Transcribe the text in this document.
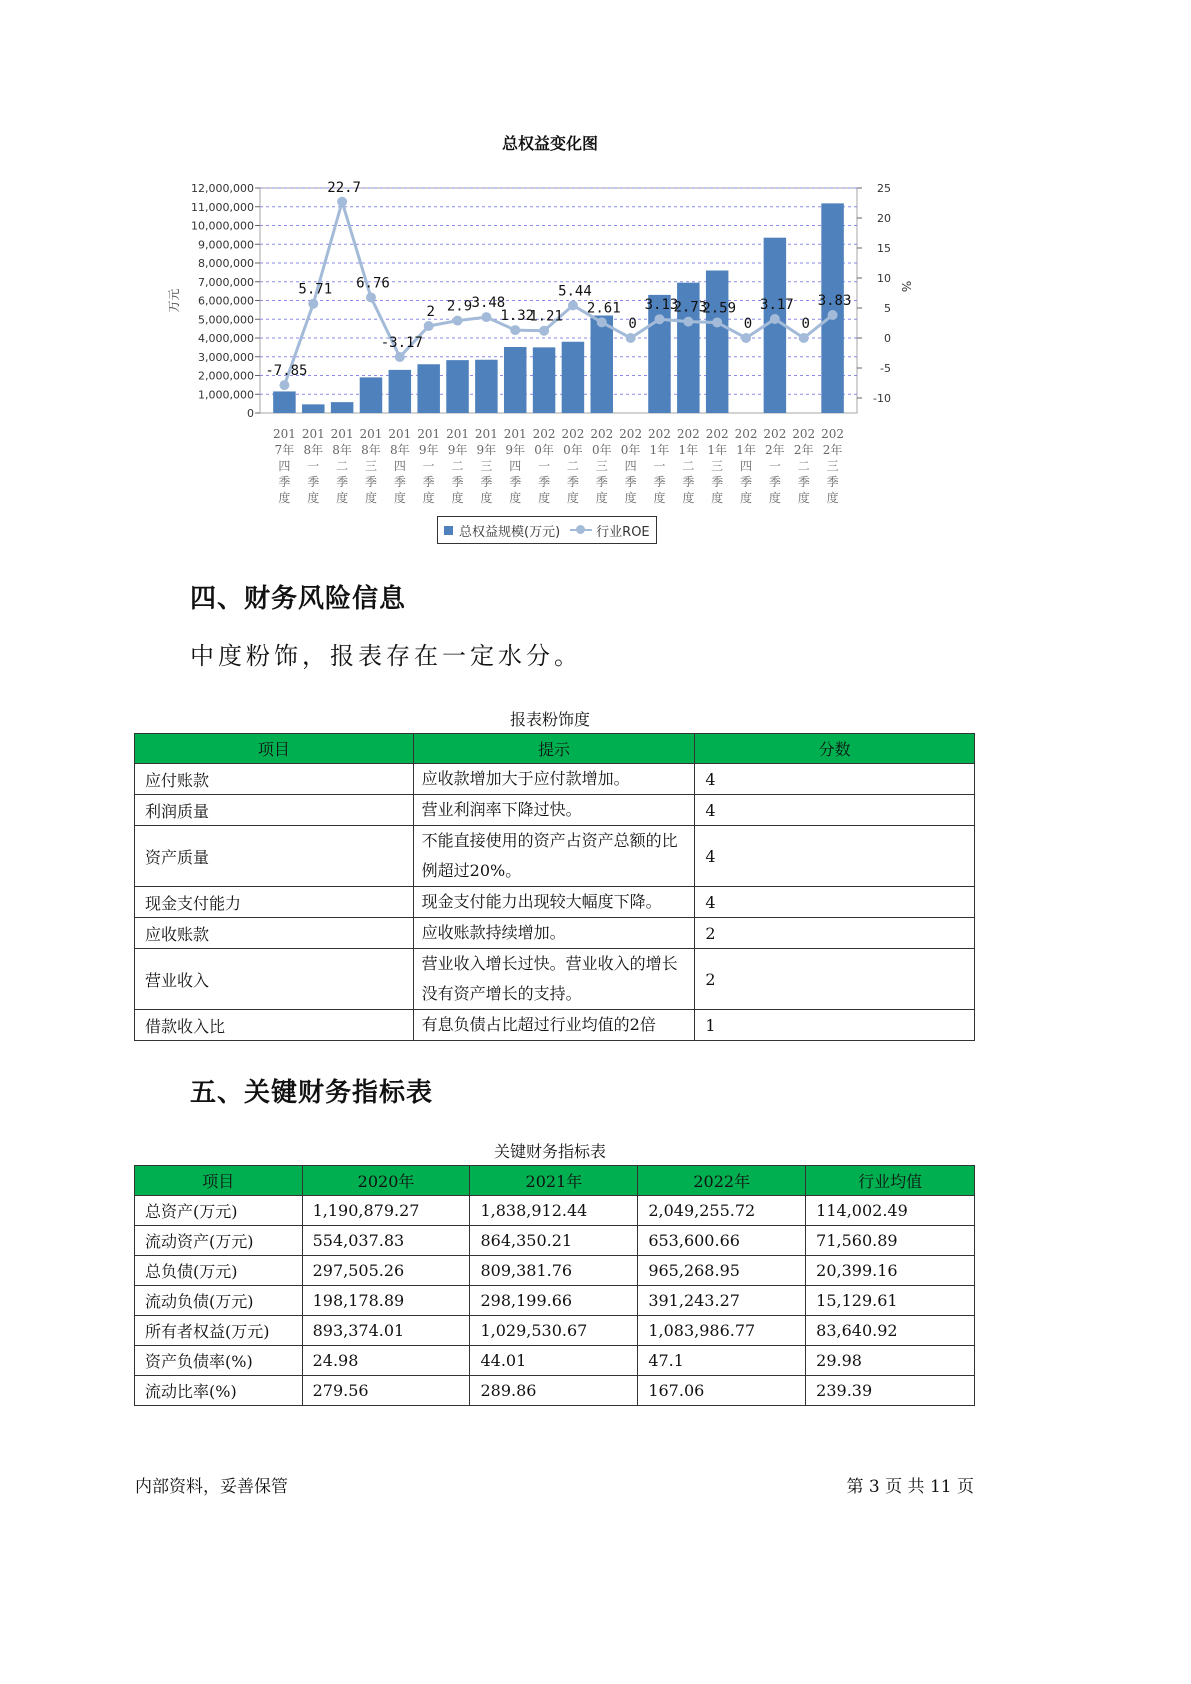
总权益变化图
0
1,000,000
2,000,000
3,000,000
4,000,000
5,000,000
6,000,000
7,000,000
8,000,000
9,000,000
10,000,000
11,000,000
12,000,000
-10
-5
0
5
10
15
20
25
万元
%
-7.85
5.71
22.7
6.76
-3.17
2 2.9 3.48
1.32
1.21
5.44
2.61
0
3.13
2.73
2.59
0
3.17
0
3.83
201
7年
四
季
度
201
8年
一
季
度
201
8年
二
季
度
201
8年
三
季
度
201
8年
四
季
度
201
9年
一
季
度
201
9年
二
季
度
201
9年
三
季
度
201
9年
四
季
度
202
0年
一
季
度
202
0年
二
季
度
202
0年
三
季
度
202
0年
四
季
度
202
1年
一
季
度
202
1年
二
季
度
202
1年
三
季
度
202
1年
四
季
度
202
2年
一
季
度
202
2年
二
季
度
202
2年
三
季
度
总权益规模(万元)	行业ROE
四、财务风险信息

中度粉饰，报表存在一定水分。

报表粉饰度
项目	提示	分数
应付账款	应收款增加大于应付款增加。	4
利润质量	营业利润率下降过快。	4
资产质量	不能直接使用的资产占资产总额的比例超过20%。	4
现金支付能力	现金支付能力出现较大幅度下降。	4
应收账款	应收账款持续增加。	2
营业收入	营业收入增长过快。营业收入的增长没有资产增长的支持。	2
借款收入比	有息负债占比超过行业均值的2倍	1
五、关键财务指标表
关键财务指标表
项目	2020年	2021年	2022年	行业均值
总资产(万元)	1,190,879.27	1,838,912.44	2,049,255.72	114,002.49
流动资产(万元)	554,037.83	864,350.21	653,600.66	71,560.89
总负债(万元)	297,505.26	809,381.76	965,268.95	20,399.16
流动负债(万元)	198,178.89	298,199.66	391,243.27	15,129.61
所有者权益(万元)	893,374.01	1,029,530.67	1,083,986.77	83,640.92
资产负债率(%)	24.98	44.01	47.1	29.98
流动比率(%)	279.56	289.86	167.06	239.39
内部资料，妥善保管	第 3 页 共 11 页
